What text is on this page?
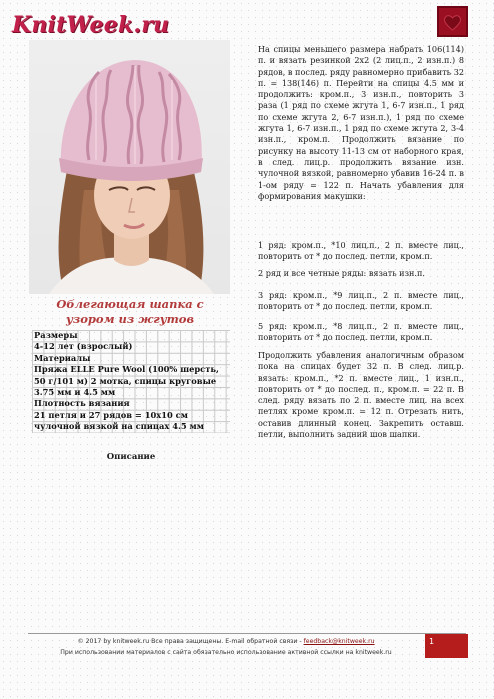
KnitWeek.ru
Облегающая шапка с узором из жгутов
Размеры
4-12 лет (взрослый)
Материалы
Пряжа ELLE Pure Wool (100% шерсть, 50 г/101 м) 2 мотка, спицы круговые 3.75 мм и 4.5 мм
Плотность вязания
21 петля и 27 рядов = 10х10 см чулочной вязкой на спицах 4.5 мм
Описание
На спицы меньшего размера набрать 106(114) п. и вязать резинкой 2х2 (2 лиц.п., 2 изн.п.) 8 рядов, в послед. ряду равномерно прибавить 32 п. = 138(146) п. Перейти на спицы 4.5 мм и продолжить: кром.п., 3 изн.п., повторить 3 раза (1 ряд по схеме жгута 1, 6-7 изн.п., 1 ряд по схеме жгута 2, 6-7 изн.п.), 1 ряд по схеме жгута 1, 6-7 изн.п., 1 ряд по схеме жгута 2, 3-4 изн.п., кром.п. Продолжить вязание по рисунку на высоту 11-13 см от наборного края, в след. лиц.р. продолжить вязание изн. чулочной вязкой, равномерно убавив 16-24 п. в 1-ом ряду = 122 п. Начать убавления для формирования макушки:
1 ряд: кром.п., *10 лиц.п., 2 п. вместе лиц., повторить от * до послед. петли, кром.п.
2 ряд и все четные ряды: вязать изн.п.
3 ряд: кром.п., *9 лиц.п., 2 п. вместе лиц., повторить от * до послед. петли, кром.п.
5 ряд: кром.п., *8 лиц.п., 2 п. вместе лиц., повторить от * до послед. петли, кром.п.
Продолжить убавления аналогичным образом пока на спицах будет 32 п. В след. лиц.р. вязать: кром.п., *2 п. вместе лиц., 1 изн.п., повторить от * до послед. п., кром.п. = 22 п. В след. ряду вязать по 2 п. вместе лиц. на всех петлях кроме кром.п. = 12 п. Отрезать нить, оставив длинный конец. Закрепить оставш. петли, выполнить задний шов шапки.
© 2017 by knitweek.ru Все права защищены. E-mail обратной связи - feedback@knitweek.ru
При использовании материалов с сайта обязательно использование активной ссылки на knitweek.ru
1
